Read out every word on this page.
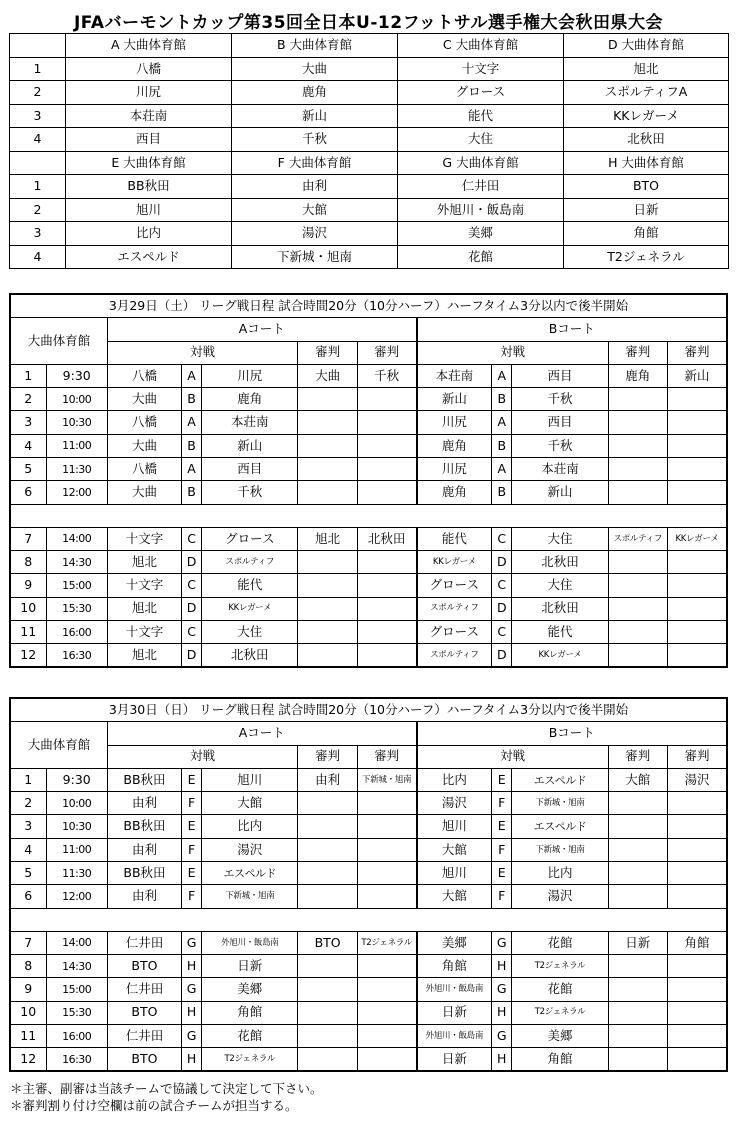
JFAバーモントカップ第35回全日本U-12フットサル選手権大会秋田県大会
	A 大曲体育館	B 大曲体育館	C 大曲体育館	D 大曲体育館
1	八橋	大曲	十文字	旭北
2	川尻	鹿角	グロース	スポルティフA
3	本荘南	新山	能代	KKレガーメ
4	西目	千秋	大住	北秋田
	E 大曲体育館	F 大曲体育館	G 大曲体育館	H 大曲体育館
1	BB秋田	由利	仁井田	BTO
2	旭川	大館	外旭川・飯島南	日新
3	比内	湯沢	美郷	角館
4	エスペルド	下新城・旭南	花館	T2ジェネラル
3月29日（土） リーグ戦日程 試合時間20分（10分ハーフ）ハーフタイム3分以内で後半開始											
大曲体育館		Aコート					Bコート				
		対戦			審判	審判	対戦			審判	審判
1	9:30	八橋	A	川尻	大曲	千秋	本荘南	A	西目	鹿角	新山
2	10:00	大曲	B	鹿角			新山	B	千秋		
3	10:30	八橋	A	本荘南			川尻	A	西目		
4	11:00	大曲	B	新山			鹿角	B	千秋		
5	11:30	八橋	A	西目			川尻	A	本荘南		
6	12:00	大曲	B	千秋			鹿角	B	新山		

7	14:00	十文字	C	グロース	旭北	北秋田	能代	C	大住	スポルティフ	KKレガーメ
8	14:30	旭北	D	スポルティフ			KKレガーメ	D	北秋田		
9	15:00	十文字	C	能代			グロース	C	大住		
10	15:30	旭北	D	KKレガーメ			スポルティフ	D	北秋田		
11	16:00	十文字	C	大住			グロース	C	能代		
12	16:30	旭北	D	北秋田			スポルティフ	D	KKレガーメ		
3月30日（日） リーグ戦日程 試合時間20分（10分ハーフ）ハーフタイム3分以内で後半開始											
大曲体育館		Aコート					Bコート				
		対戦			審判	審判	対戦			審判	審判
1	9:30	BB秋田	E	旭川	由利	下新城・旭南	比内	E	エスペルド	大館	湯沢
2	10:00	由利	F	大館			湯沢	F	下新城・旭南		
3	10:30	BB秋田	E	比内			旭川	E	エスペルド		
4	11:00	由利	F	湯沢			大館	F	下新城・旭南		
5	11:30	BB秋田	E	エスペルド			旭川	E	比内		
6	12:00	由利	F	下新城・旭南			大館	F	湯沢		

7	14:00	仁井田	G	外旭川・飯島南	BTO	T2ジェネラル	美郷	G	花館	日新	角館
8	14:30	BTO	H	日新			角館	H	T2ジェネラル		
9	15:00	仁井田	G	美郷			外旭川・飯島南	G	花館		
10	15:30	BTO	H	角館			日新	H	T2ジェネラル		
11	16:00	仁井田	G	花館			外旭川・飯島南	G	美郷		
12	16:30	BTO	H	T2ジェネラル			日新	H	角館		
＊主審、副審は当該チームで協議して決定して下さい。
＊審判割り付け空欄は前の試合チームが担当する。
